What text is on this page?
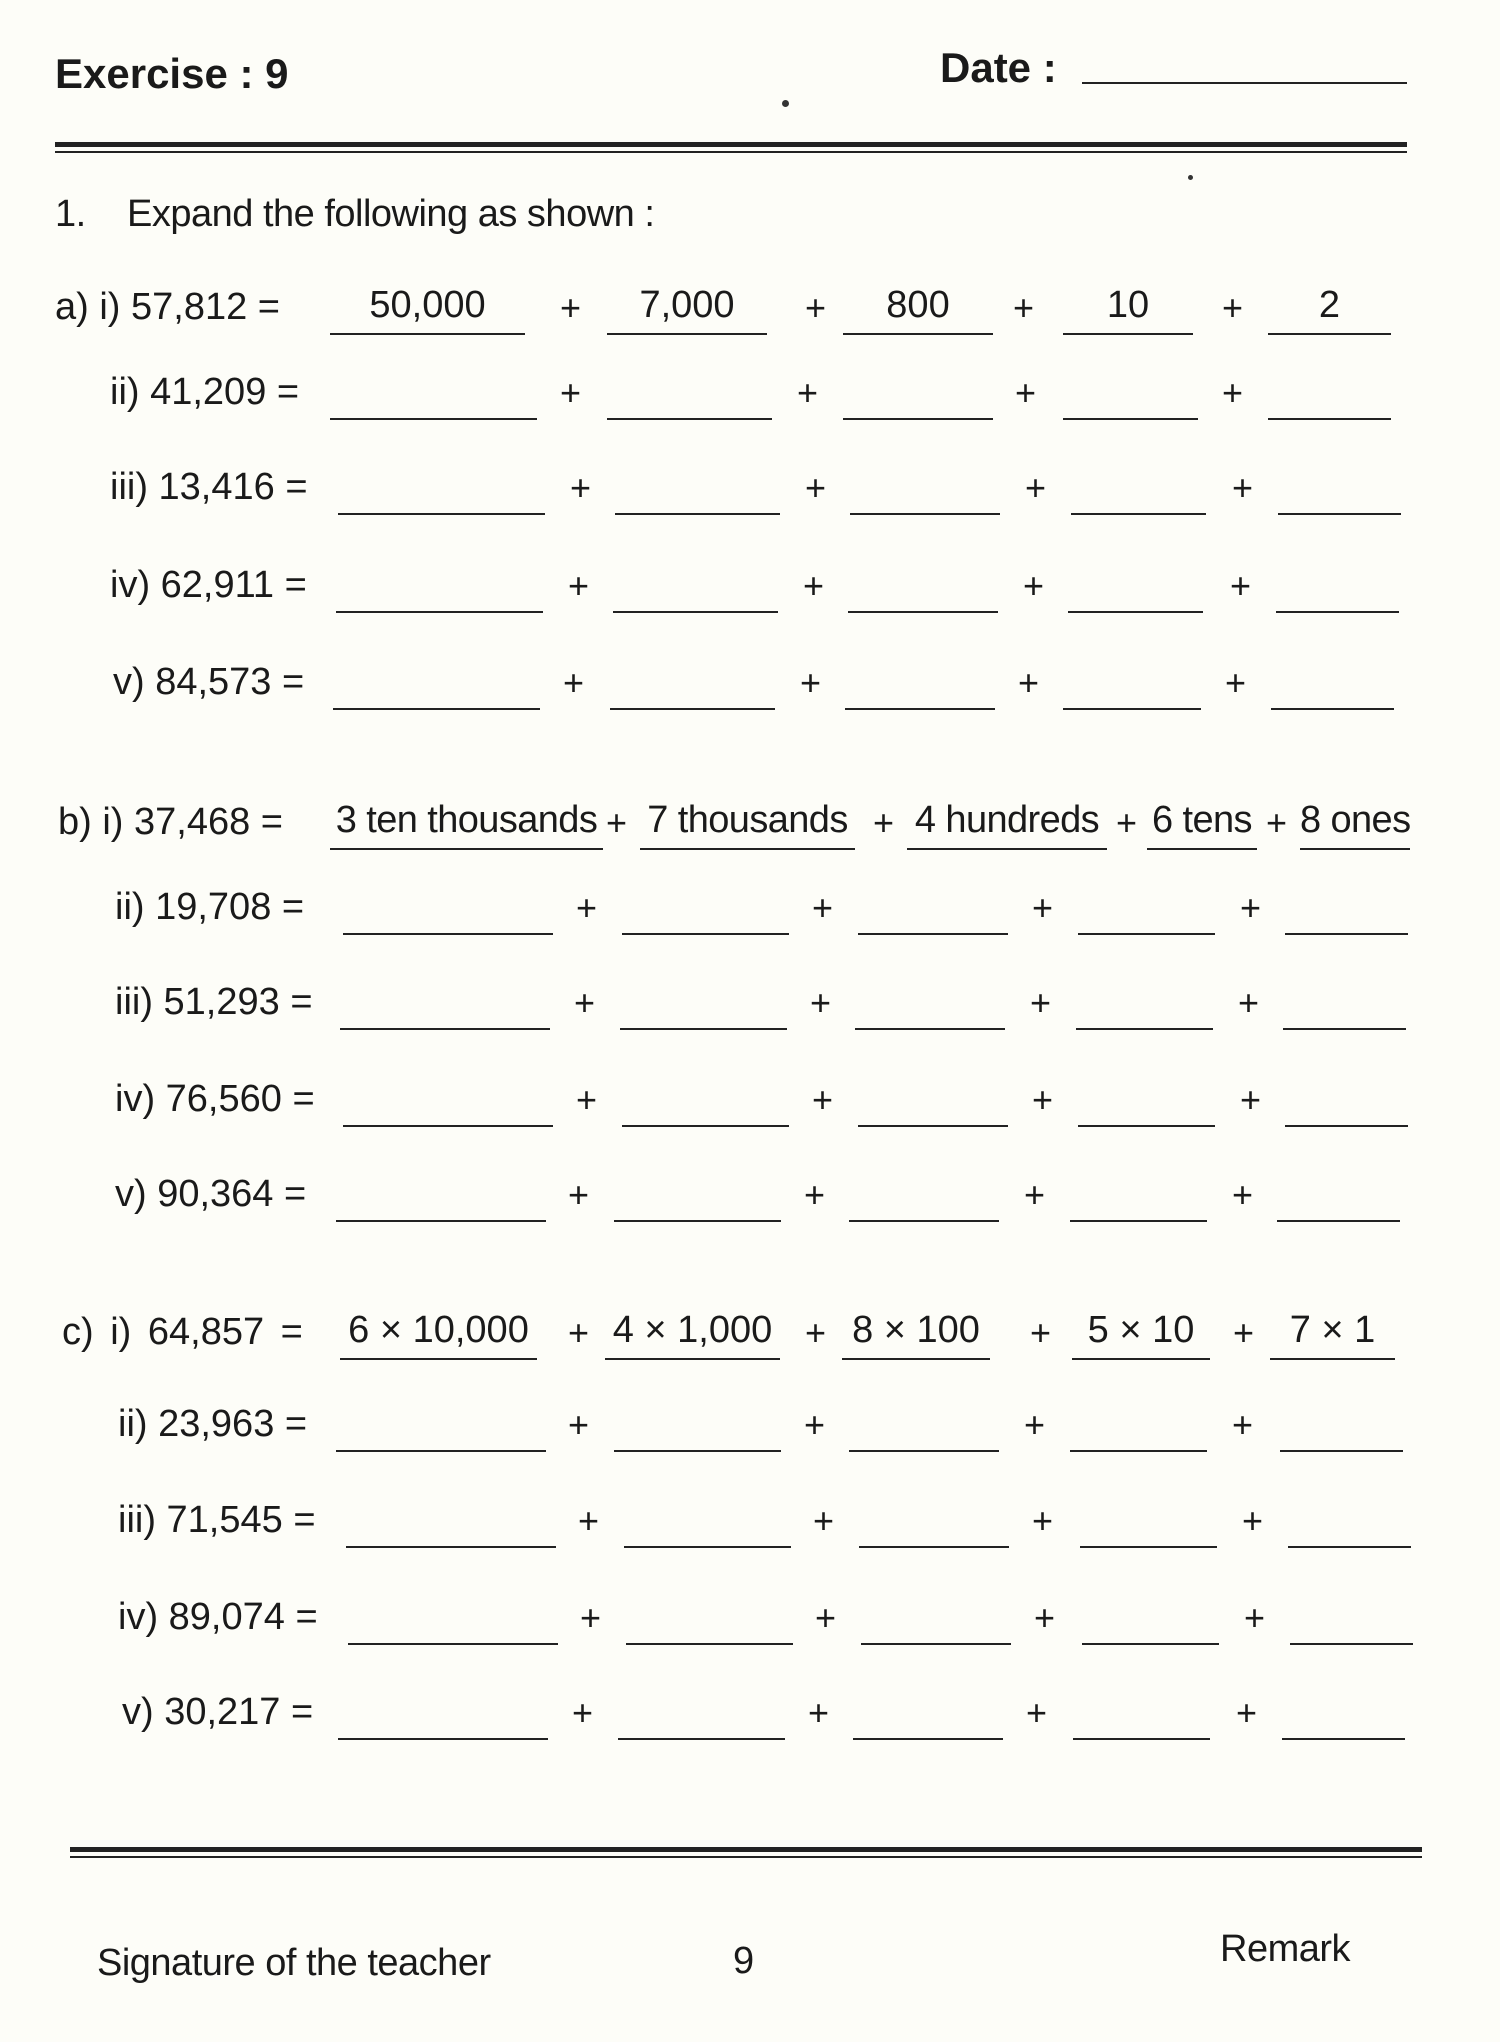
Exercise : 9	Date :
1. Expand the following as shown :
a) i) 57,812 =	50,000	+	7,000	+	800	+	10	+	2
ii) 41,209 =	+	+	+	+
iii) 13,416 =	+	+	+	+
iv) 62,911 =	+	+	+	+
v) 84,573 =	+	+	+	+
b) i) 37,468 = 3 ten thousands + 7 thousands + 4 hundreds + 6 tens + 8 ones
ii) 19,708 =	+	+	+	+
iii) 51,293 =	+	+	+	+
iv) 76,560 =	+	+	+	+
v) 90,364 =	+	+	+	+
c) i) 64,857 = 6 × 10,000 + 4 × 1,000 + 8 × 100 + 5 × 10	+ 7 × 1
ii) 23,963 =	+	+	+	+
iii) 71,545 =	+	+	+	+
iv) 89,074 =	+	+	+	+
v) 30,217 =	+	+	+	+
Signature of the teacher	9	Remark
